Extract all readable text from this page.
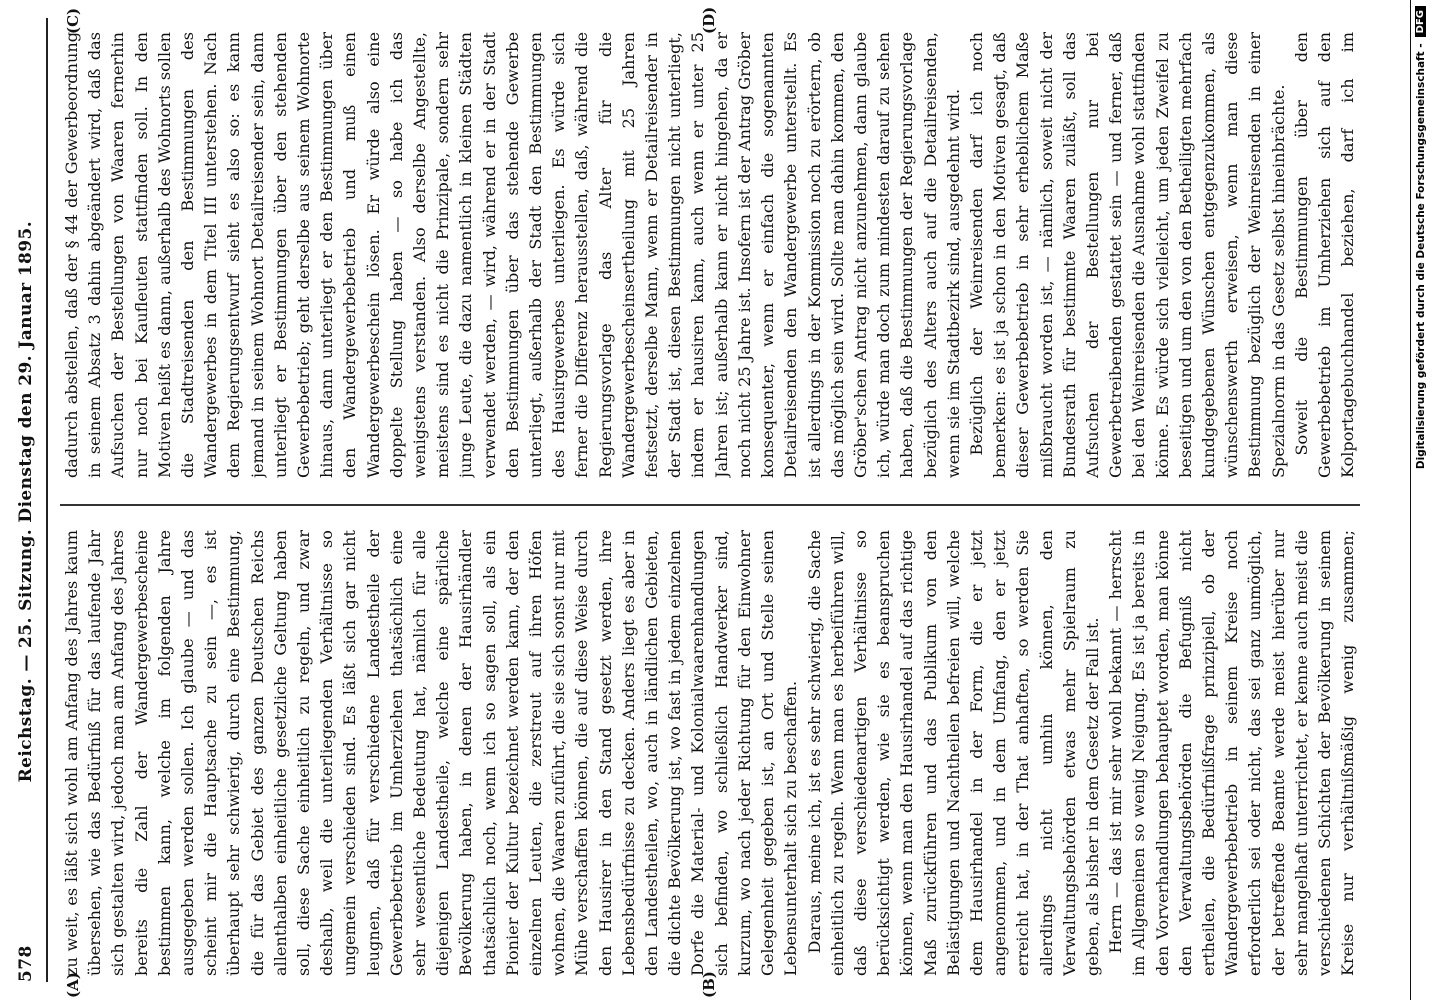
578
Reichstag. — 25. Sitzung. Dienstag den 29. Januar 1895. zu weit, es läßt sich wohl am Anfang des Jahres kaum übersehen, wie das Bedürfniß für das laufende Jahr sich gestalten wird, jedoch man am Anfang des Jahres bereits die Zahl der Wandergewerbescheine bestimmen kann, welche im folgenden Jahre ausgegeben werden sollen. Ich glaube — und das scheint mir die Hauptsache zu sein —, es ist überhaupt sehr schwierig, durch eine Bestimmung, die für das Gebiet des ganzen Deutschen Reichs allenthalben einheitliche gesetzliche Geltung haben soll, diese Sache einheitlich zu regeln, und zwar deshalb, weil die unterliegenden Verhältnisse so ungemein verschieden sind. Es läßt sich gar nicht leugnen, daß für verschiedene Landestheile der Gewerbebetrieb im Umherziehen thatsächlich eine sehr wesentliche Bedeutung hat, nämlich für alle diejenigen Landestheile, welche eine spärliche Bevölkerung haben, in denen der Hausirhändler thatsächlich noch, wenn ich so sagen soll, als ein Pionier der Kultur bezeichnet werden kann, der den einzelnen Leuten, die zerstreut auf ihren Höfen wohnen, die Waaren zuführt, die sie sich sonst nur mit Mühe verschaffen können, die auf diese Weise durch den Hausirer in den Stand gesetzt werden, ihre Lebensbedürfnisse zu decken. Anders liegt es aber in den Landestheilen, wo, auch in ländlichen Gebieten, die dichte Bevölkerung ist, wo fast in jedem einzelnen Dorfe die Material- und Kolonialwaarenhandlungen sich befinden, wo schließlich Handwerker sind, kurzum, wo nach jeder Richtung für den Einwohner Gelegenheit gegeben ist, an Ort und Stelle seinen Lebensunterhalt sich zu beschaffen. Daraus, meine ich, ist es sehr schwierig, die Sache einheitlich zu regeln. Wenn man es herbeiführen will, daß diese verschiedenartigen Verhältnisse so berücksichtigt werden, wie sie es beanspruchen können, wenn man den Hausirhandel auf das richtige Maß zurückführen und das Publikum von den Belästigungen und Nachtheilen befreien will, welche dem Hausirhandel in der Form, die er jetzt angenommen, und in dem Umfang, den er jetzt erreicht hat, in der That anhaften, so werden Sie allerdings nicht umhin können, den Verwaltungsbehörden etwas mehr Spielraum zu geben, als bisher in dem Gesetz der Fall ist. Herrn — das ist mir sehr wohl bekannt — herrscht im Allgemeinen so wenig Neigung. Es ist ja bereits in den Vorverhandlungen behauptet worden, man könne den Verwaltungsbehörden die Befugniß nicht ertheilen, die Bedürfnißfrage prinzipiell, ob der Wandergewerbebetrieb in seinem Kreise noch erforderlich sei oder nicht, das sei ganz unmöglich, der betreffende Beamte werde meist hierüber nur sehr mangelhaft unterrichtet, er kenne auch meist die verschiedenen Schichten der Bevölkerung in seinem Kreise nur verhältnißmäßig wenig zusammen;

dadurch abstellen, daß der § 44 der Gewerbeordnung in seinem Absatz 3 dahin abgeändert wird, daß das Aufsuchen der Bestellungen von Waaren fernerhin nur noch bei Kaufleuten stattfinden soll. In den Motiven heißt es dann, außerhalb des Wohnorts sollen die Stadtreisenden den Bestimmungen des Wandergewerbes in dem Titel III unterstehen. Nach dem Regierungsentwurf sieht es also so: es kann jemand in seinem Wohnort Detailreisender sein, dann unterliegt er Bestimmungen über den stehenden Gewerbebetrieb; geht derselbe aus seinem Wohnorte hinaus, dann unterliegt er den Bestimmungen über den Wandergewerbebetrieb und muß einen Wandergewerbeschein lösen. Er würde also eine doppelte Stellung haben — so habe ich das wenigstens verstanden. Also derselbe Angestellte, meistens sind es nicht die Prinzipale, sondern sehr junge Leute, die dazu namentlich in kleinen Städten verwendet werden, — wird, während er in der Stadt den Bestimmungen über das stehende Gewerbe unterliegt, außerhalb der Stadt den Bestimmungen des Hausirgewerbes unterliegen. Es würde sich ferner die Differenz herausstellen, daß, während die Regierungsvorlage das Alter für die Wandergewerbescheinsertheilung mit 25 Jahren festsetzt, derselbe Mann, wenn er Detailreisender in der Stadt ist, diesen Bestimmungen nicht unterliegt, indem er hausiren kann, auch wenn er unter 25 Jahren ist; außerhalb kann er nicht hingehen, da er noch nicht 25 Jahre ist. Insofern ist der Antrag Gröber konsequenter, wenn er einfach die sogenannten Detailreisenden den Wandergewerbe unterstellt. Es ist allerdings in der Kommission noch zu erörtern, ob das möglich sein wird. Sollte man dahin kommen, den Gröber'schen Antrag nicht anzunehmen, dann glaube ich, würde man doch zum mindesten darauf zu sehen haben, daß die Bestimmungen der Regierungsvorlage bezüglich des Alters auch auf die Detailreisenden, wenn sie im Stadtbezirk sind, ausgedehnt wird. Bezüglich der Weinreisenden darf ich noch bemerken: es ist ja schon in den Motiven gesagt, daß dieser Gewerbebetrieb in sehr erheblichem Maße mißbraucht worden ist, — nämlich, soweit nicht der Bundesrath für bestimmte Waaren zuläßt, soll das Aufsuchen der Bestellungen nur bei Gewerbetreibenden gestattet sein — und ferner, daß bei den Weinreisenden die Ausnahme wohl stattfinden könne. Es würde sich vielleicht, um jeden Zweifel zu beseitigen und um den von den Betheiligten mehrfach kundgegebenen Wünschen entgegenzukommen, als wünschenswerth erweisen, wenn man diese Bestimmung bezüglich der Weinreisenden in einer Spezialnorm in das Gesetz selbst hineinbrächte. Soweit die Bestimmungen über den Gewerbebetrieb im Umherziehen sich auf den Kolportagebuchhandel beziehen, darf ich im

(A)	(B)
(C)	(D)
Digitalisierung gefördert durch die Deutsche Forschungsgemeinschaft -
DFG
